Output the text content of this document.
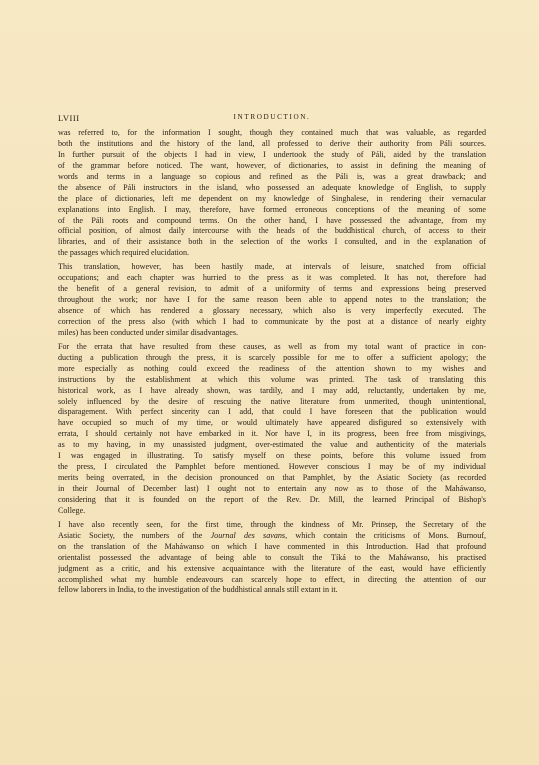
LVIII	INTRODUCTION.
was referred to, for the information I sought, though they contained much that was valuable, as regarded
both the institutions and the history of the land, all professed to derive their authority from Páli sources.
In further pursuit of the objects I had in view, I undertook the study of Páli, aided by the translation
of the grammar before noticed. The want, however, of dictionaries, to assist in defining the meaning of
words and terms in a language so copious and refined as the Páli is, was a great drawback; and
the absence of Páli instructors in the island, who possessed an adequate knowledge of English, to supply
the place of dictionaries, left me dependent on my knowledge of Singhalese, in rendering their vernacular
explanations into English. I may, therefore, have formed erroneous conceptions of the meaning of some
of the Páli roots and compound terms. On the other hand, I have possessed the advantage, from my
official position, of almost daily intercourse with the heads of the buddhistical church, of access to their
libraries, and of their assistance both in the selection of the works I consulted, and in the explanation of
the passages which required elucidation.
This translation, however, has been hastily made, at intervals of leisure, snatched from official
occupations; and each chapter was hurried to the press as it was completed. It has not, therefore had
the benefit of a general revision, to admit of a uniformity of terms and expressions being preserved
throughout the work; nor have I for the same reason been able to append notes to the translation; the
absence of which has rendered a glossary necessary, which also is very imperfectly executed. The
correction of the press also (with which I had to communicate by the post at a distance of nearly eighty
miles) has been conducted under similar disadvantages.
For the errata that have resulted from these causes, as well as from my total want of practice in con-
ducting a publication through the press, it is scarcely possible for me to offer a sufficient apology; the
more especially as nothing could exceed the readiness of the attention shown to my wishes and
instructions by the establishment at which this volume was printed. The task of translating this
historical work, as I have already shown, was tardily, and I may add, reluctantly, undertaken by me,
solely influenced by the desire of rescuing the native literature from unmerited, though unintentional,
disparagement. With perfect sincerity can I add, that could I have foreseen that the publication would
have occupied so much of my time, or would ultimately have appeared disfigured so extensively with
errata, I should certainly not have embarked in it. Nor have I, in its progress, been free from misgivings,
as to my having, in my unassisted judgment, over-estimated the value and authenticity of the materials
I was engaged in illustrating. To satisfy myself on these points, before this volume issued from
the press, I circulated the Pamphlet before mentioned. However conscious I may be of my individual
merits being overrated, in the decision pronounced on that Pamphlet, by the Asiatic Society (as recorded
in their Journal of December last) I ought not to entertain any now as to those of the Maháwanso,
considering that it is founded on the report of the Rev. Dr. Mill, the learned Principal of Bishop's
College.
I have also recently seen, for the first time, through the kindness of Mr. Prinsep, the Secretary of the
Asiatic Society, the numbers of the Journal des savans, which contain the criticisms of Mons. Burnouf,
on the translation of the Maháwanso on which I have commented in this Introduction. Had that profound
orientalist possessed the advantage of being able to consult the Tíká to the Maháwanso, his practised
judgment as a critic, and his extensive acquaintance with the literature of the east, would have efficiently
accomplished what my humble endeavours can scarcely hope to effect, in directing the attention of our
fellow laborers in India, to the investigation of the buddhistical annals still extant in it.
